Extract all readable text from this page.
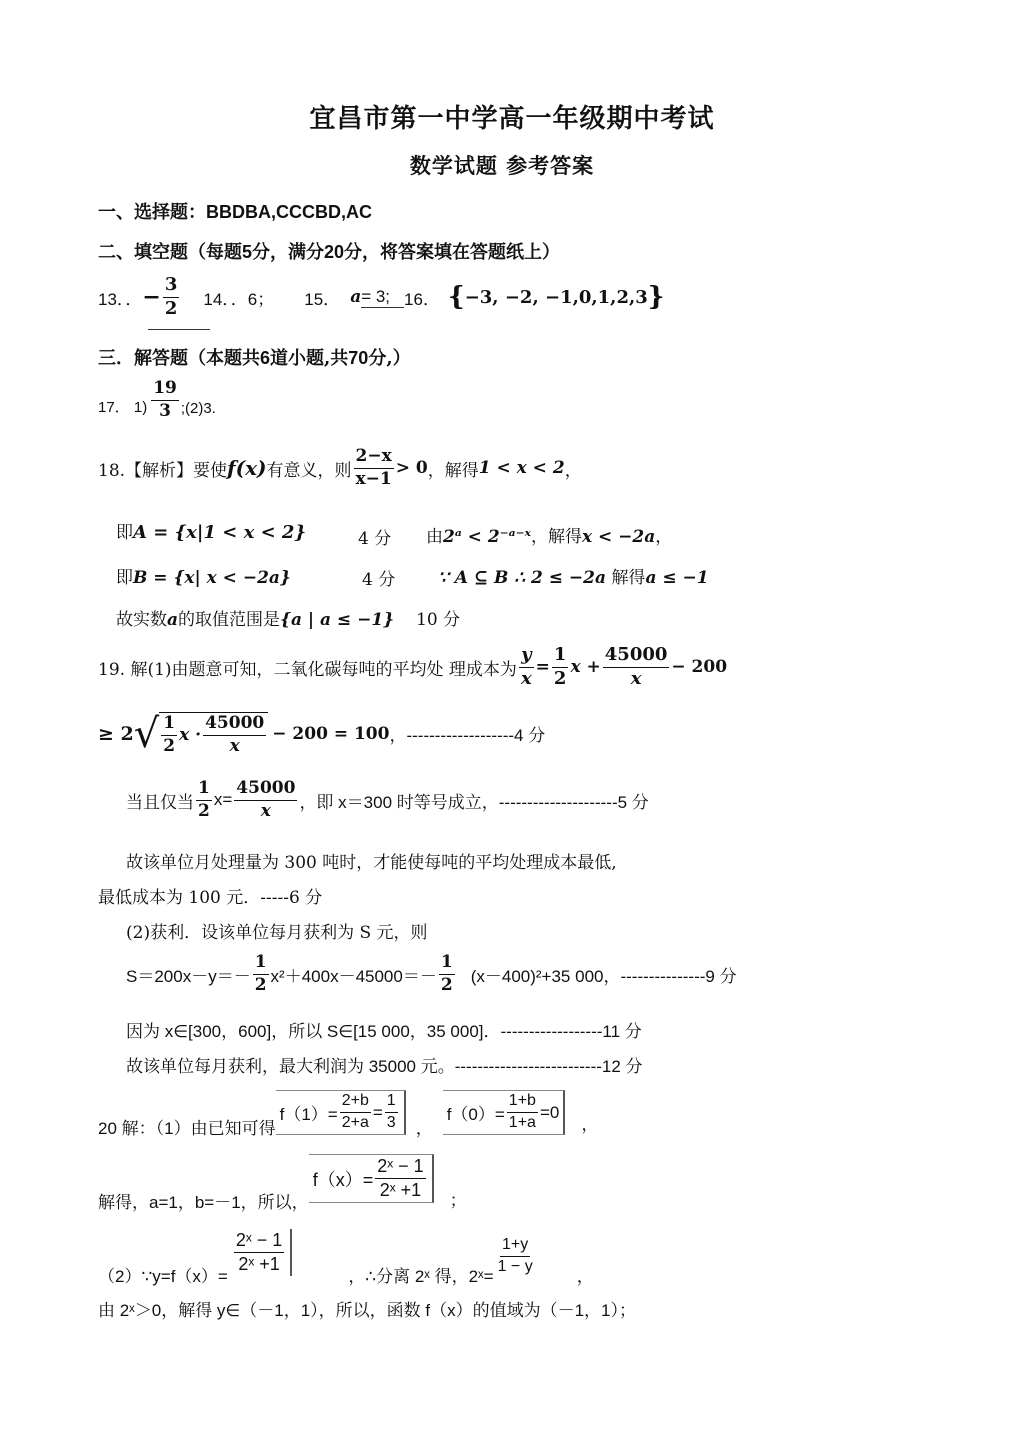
宜昌市第一中学高一年级期中考试
数学试题 参考答案
一、选择题：BBDBA,CCCBD,AC
二、填空题（每题5分，满分20分，将答案填在答题纸上）
13．． − $\frac{3}{2} 14$．．6； 15． a = 3; 16． { −3, −2, −1,0,1,2,3 }
三．解答题（本题共6道小题,共70分,）
17． $1) \frac{19}{3}$ ;(2)3.
18.【解析】要使 f(x) 有意义，则 $\frac{2-x}{x-1} > 0$ ，解得 1 < x < 2 ，
即A = {x|1 < x < 2}	4 分 由2ᵃ < 2⁻ᵃ⁻ˣ，解得x < −2a，
即B = {x| x < −2a}	4 分	∵ A ⊆ B ∴ 2 ≤ −2a 解得a ≤ −1
故实数a的取值范围是{a | a ≤ −1} 10 分
19. 解(1)由题意可知，二氧化碳每吨的平均处 理成本为 $\frac{y}{x} = \frac{1}{2}$ $x + \frac{45000}{x} - 200$
≥ 2 √ $\frac{1}{2}$ $x \cdot \frac{45000}{x} - 200 = 100$ ，-------------------4 分
当且仅当 $\frac{1}{2} x= \frac{45000}{x}$ ，即 x＝300 时等号成立，---------------------5 分
故该单位月处理量为 300 吨时，才能使每吨的平均处理成本最低,
最低成本为 100 元．-----6 分
(2)获利．设该单位每月获利为 S 元，则
$S=200x-y=- \frac{1}{2} x^2+400x-45000=- \frac{1}{2} (x-400)^2+35$ 000，---------------9 分
因为 x∈[300，600]，所以 S∈[15 000，35 000]．------------------11 分
故该单位每月获利，最大利润为 35000 元。--------------------------12 分
20 解：（1）由已知可得
$f(1)= \frac{2+b}{2+a} = \frac{1}{3}$ ，
$f(0)= \frac{1+b}{1+a} =0$
，
解得，a=1，b=－1，所以，
$f(x)= \frac{\text{2ˣ − 1}}{\text{2ˣ +1}}$
；
（2）∵y=f（x）=
$\frac{\text{2ˣ − 1}}{\text{2ˣ +1}}$
，∴分离 2ˣ 得，2ˣ=
$\frac{1+y}{1 - y}$
，
由 2ˣ＞0，解得 y∈（－1，1），所以，函数 f（x）的值域为（－1，1）；
